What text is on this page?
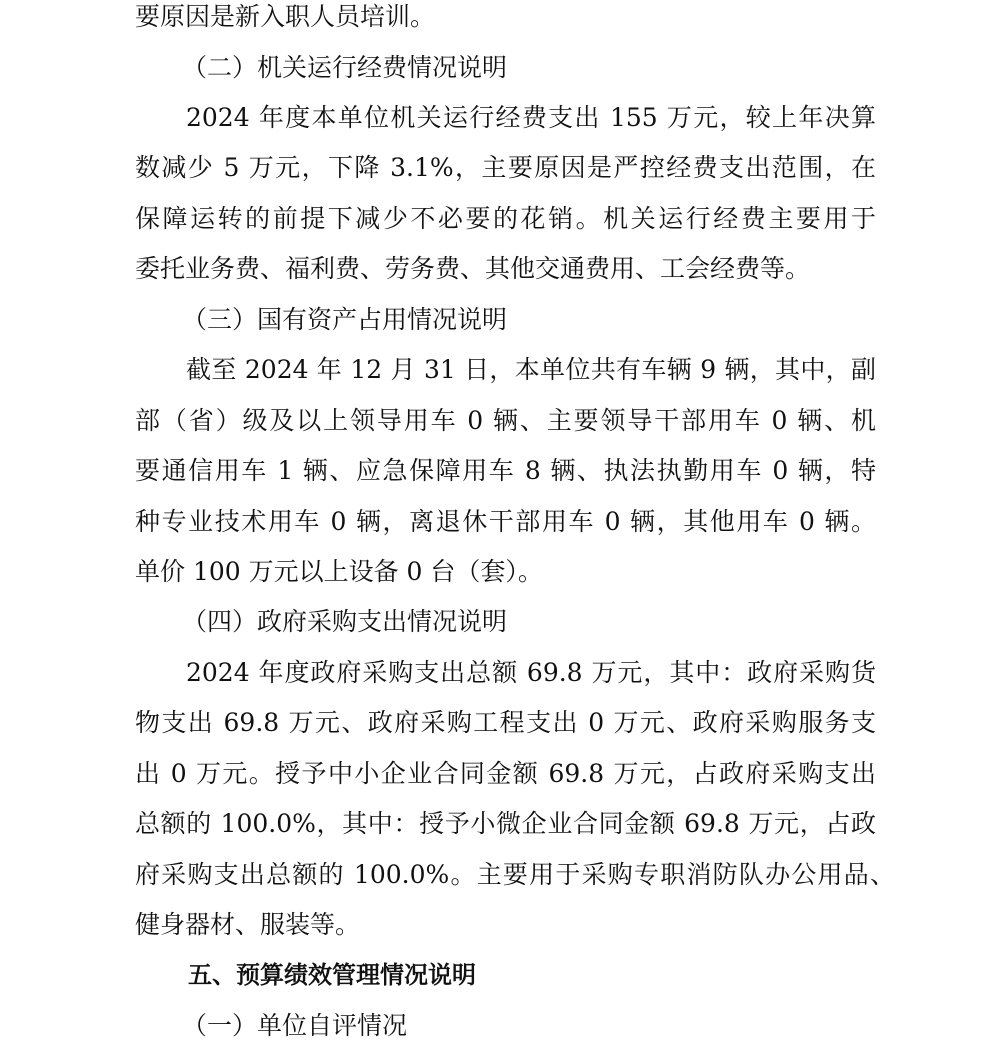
要原因是新入职人员培训。
（二）机关运行经费情况说明
2024 年度本单位机关运行经费支出 155 万元，较上年决算
数减少 5 万元，下降 3.1%，主要原因是严控经费支出范围，在
保障运转的前提下减少不必要的花销。机关运行经费主要用于
委托业务费、福利费、劳务费、其他交通费用、工会经费等。
（三）国有资产占用情况说明
截至 2024 年 12 月 31 日，本单位共有车辆 9 辆，其中，副
部（省）级及以上领导用车 0 辆、主要领导干部用车 0 辆、机
要通信用车 1 辆、应急保障用车 8 辆、执法执勤用车 0 辆，特
种专业技术用车 0 辆，离退休干部用车 0 辆，其他用车 0 辆。
单价 100 万元以上设备 0 台（套）。
（四）政府采购支出情况说明
2024 年度政府采购支出总额 69.8 万元，其中：政府采购货
物支出 69.8 万元、政府采购工程支出 0 万元、政府采购服务支
出 0 万元。授予中小企业合同金额 69.8 万元，占政府采购支出
总额的 100.0%，其中：授予小微企业合同金额 69.8 万元，占政
府采购支出总额的 100.0%。主要用于采购专职消防队办公用品、
健身器材、服装等。
五、预算绩效管理情况说明
（一）单位自评情况
